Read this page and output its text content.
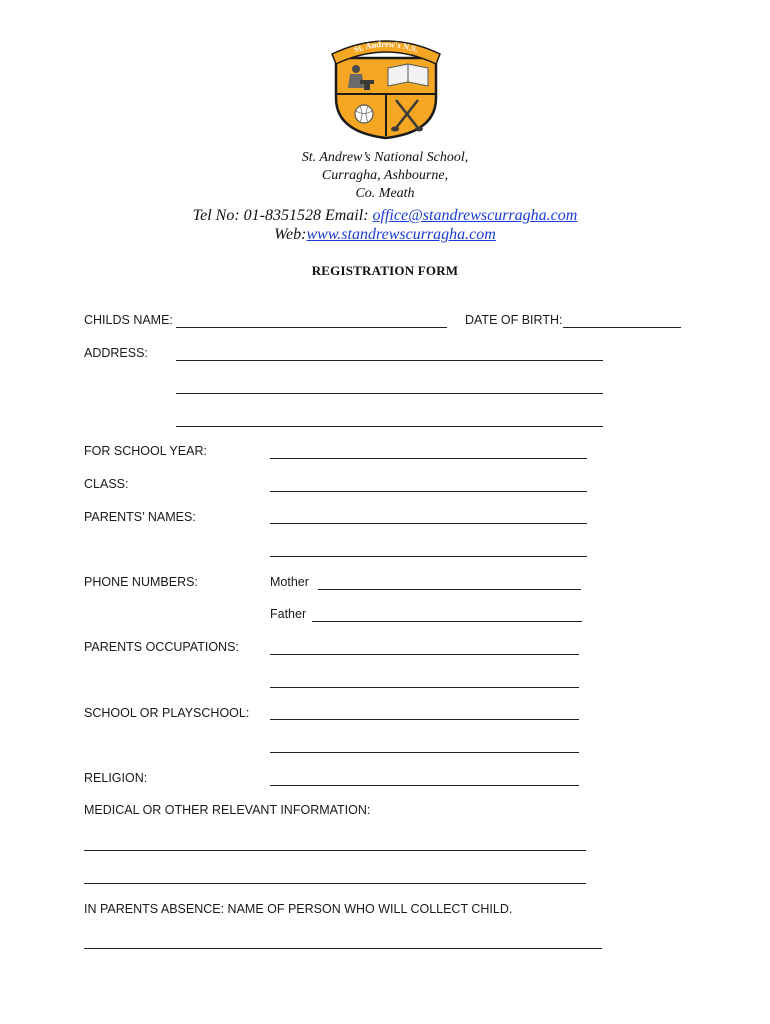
St. Andrew's N.S.
St. Andrew’s National School,
Curragha, Ashbourne,
Co. Meath
Tel No: 01-8351528 Email: office@standrewscurragha.com
Web:www.standrewscurragha.com
REGISTRATION FORM
CHILDS NAME:	DATE OF BIRTH:
ADDRESS:
FOR SCHOOL YEAR:
CLASS:
PARENTS’ NAMES:
PHONE NUMBERS:	Mother
Father
PARENTS OCCUPATIONS:
SCHOOL OR PLAYSCHOOL:
RELIGION:
MEDICAL OR OTHER RELEVANT INFORMATION:
IN PARENTS ABSENCE: NAME OF PERSON WHO WILL COLLECT CHILD.
